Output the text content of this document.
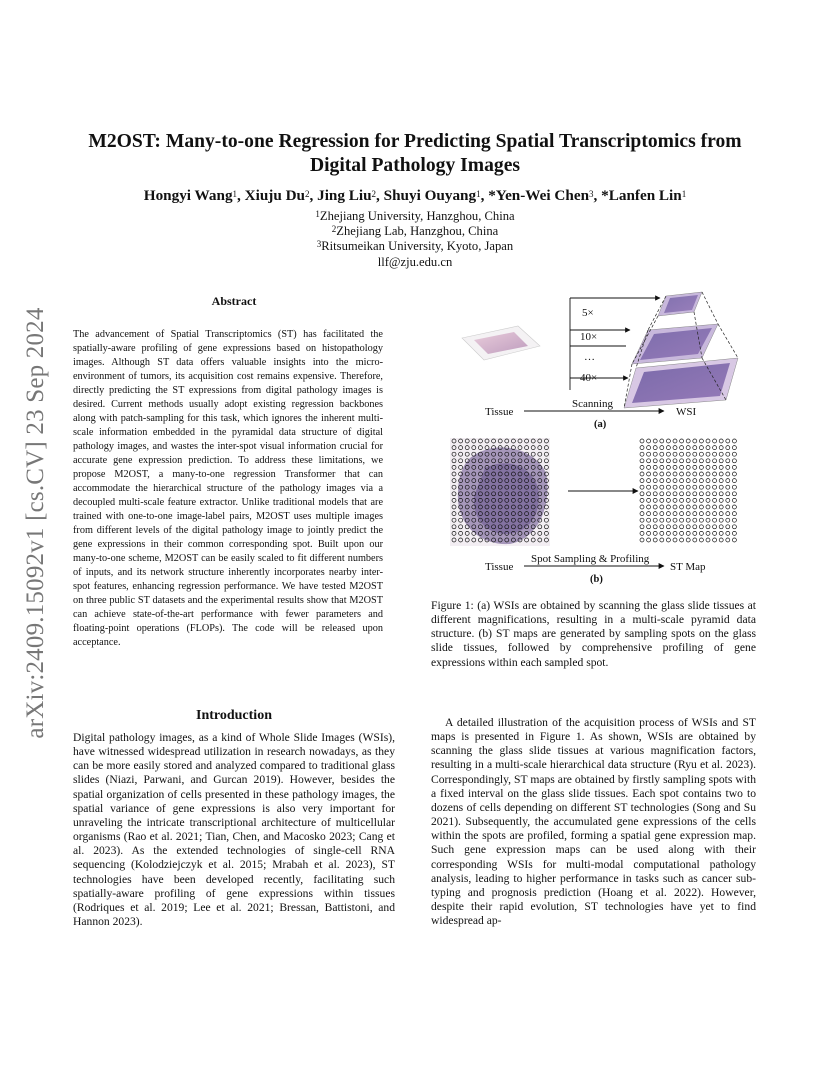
arXiv:2409.15092v1 [cs.CV] 23 Sep 2024
M2OST: Many-to-one Regression for Predicting Spatial Transcriptomics from
Digital Pathology Images
Hongyi Wang$^1$, Xiuju Du$^2$, Jing Liu$^2$, Shuyi Ouyang$^1$, *Yen-Wei Chen$^3$, *Lanfen Lin$^1$
$^1$Zhejiang University, Hanzghou, China
$^2$Zhejiang Lab, Hanzghou, China
$^3$Ritsumeikan University, Kyoto, Japan
llf@zju.edu.cn
Abstract

The advancement of Spatial Transcriptomics (ST) has facilitated the spatially-aware profiling of gene expressions based on histopathology images. Although ST data offers valuable insights into the micro-environment of tumors, its acquisition cost remains expensive. Therefore, directly predicting the ST expressions from digital pathology images is desired. Current methods usually adopt existing regression backbones along with patch-sampling for this task, which ignores the inherent multi-scale information embedded in the pyramidal data structure of digital pathology images, and wastes the inter-spot visual information crucial for accurate gene expression prediction. To address these limitations, we propose M2OST, a many-to-one regression Transformer that can accommodate the hierarchical structure of the pathology images via a decoupled multi-scale feature extractor. Unlike traditional models that are trained with one-to-one image-label pairs, M2OST uses multiple images from different levels of the digital pathology image to jointly predict the gene expressions in their common corresponding spot. Built upon our many-to-one scheme, M2OST can be easily scaled to fit different numbers of inputs, and its network structure inherently incorporates nearby inter-spot features, enhancing regression performance. We have tested M2OST on three public ST datasets and the experimental results show that M2OST can achieve state-of-the-art performance with fewer parameters and floating-point operations (FLOPs). The code will be released upon acceptance.

Introduction

Digital pathology images, as a kind of Whole Slide Images (WSIs), have witnessed widespread utilization in research nowadays, as they can be more easily stored and analyzed compared to traditional glass slides (Niazi, Parwani, and Gurcan 2019). However, besides the spatial organization of cells presented in these pathology images, the spatial variance of gene expressions is also very important for unraveling the intricate transcriptional architecture of multicellular organisms (Rao et al. 2021; Tian, Chen, and Macosko 2023; Cang et al. 2023). As the extended technologies of single-cell RNA sequencing (Kolodziejczyk et al. 2015; Mrabah et al. 2023), ST technologies have been developed recently, facilitating such spatially-aware profiling of gene expressions within tissues (Rodriques et al. 2019; Lee et al. 2021; Bressan, Battistoni, and Hannon 2023).

5×
10×
…
40×
Tissue
Scanning
WSI
(a)
Tissue
Spot Sampling & Profiling
ST Map
(b)

Figure 1: (a) WSIs are obtained by scanning the glass slide tissues at different magnifications, resulting in a multi-scale pyramid data structure. (b) ST maps are generated by sampling spots on the glass slide tissues, followed by comprehensive profiling of gene expressions within each sampled spot.

A detailed illustration of the acquisition process of WSIs and ST maps is presented in Figure 1. As shown, WSIs are obtained by scanning the glass slide tissues at various magnification factors, resulting in a multi-scale hierarchical data structure (Ryu et al. 2023). Correspondingly, ST maps are obtained by firstly sampling spots with a fixed interval on the glass slide tissues. Each spot contains two to dozens of cells depending on different ST technologies (Song and Su 2021). Subsequently, the accumulated gene expressions of the cells within the spots are profiled, forming a spatial gene expression map. Such gene expression maps can be used along with their corresponding WSIs for multi-modal computational pathology analysis, leading to higher performance in tasks such as cancer sub-typing and prognosis prediction (Hoang et al. 2022). However, despite their rapid evolution, ST technologies have yet to find widespread ap-
